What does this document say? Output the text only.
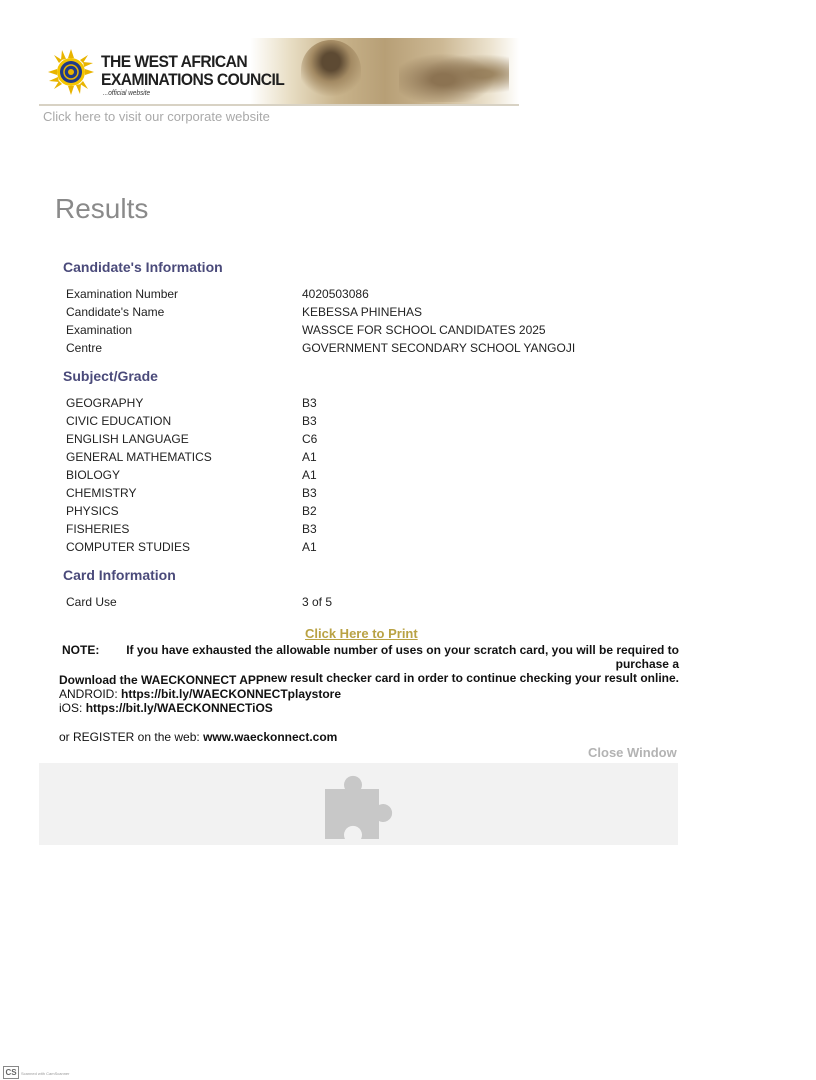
THE WEST AFRICAN
EXAMINATIONS COUNCIL
...official website
Click here to visit our corporate website
Results
Candidate's Information
Examination Number	4020503086
Candidate's Name	KEBESSA PHINEHAS
Examination	WASSCE FOR SCHOOL CANDIDATES 2025
Centre	GOVERNMENT SECONDARY SCHOOL YANGOJI
Subject/Grade
GEOGRAPHY	B3
CIVIC EDUCATION	B3
ENGLISH LANGUAGE	C6
GENERAL MATHEMATICS	A1
BIOLOGY	A1
CHEMISTRY	B3
PHYSICS	B2
FISHERIES	B3
COMPUTER STUDIES	A1
Card Information
Card Use	3 of 5
Click Here to Print
NOTE: If you have exhausted the allowable number of uses on your scratch card, you will be required to purchase a
new result checker card in order to continue checking your result online.
Download the WAECKONNECT APP
ANDROID: https://bit.ly/WAECKONNECTplaystore
iOS: https://bit.ly/WAECKONNECTiOS
or REGISTER on the web: www.waeckonnect.com
Close Window
CS Scanned with CamScanner
